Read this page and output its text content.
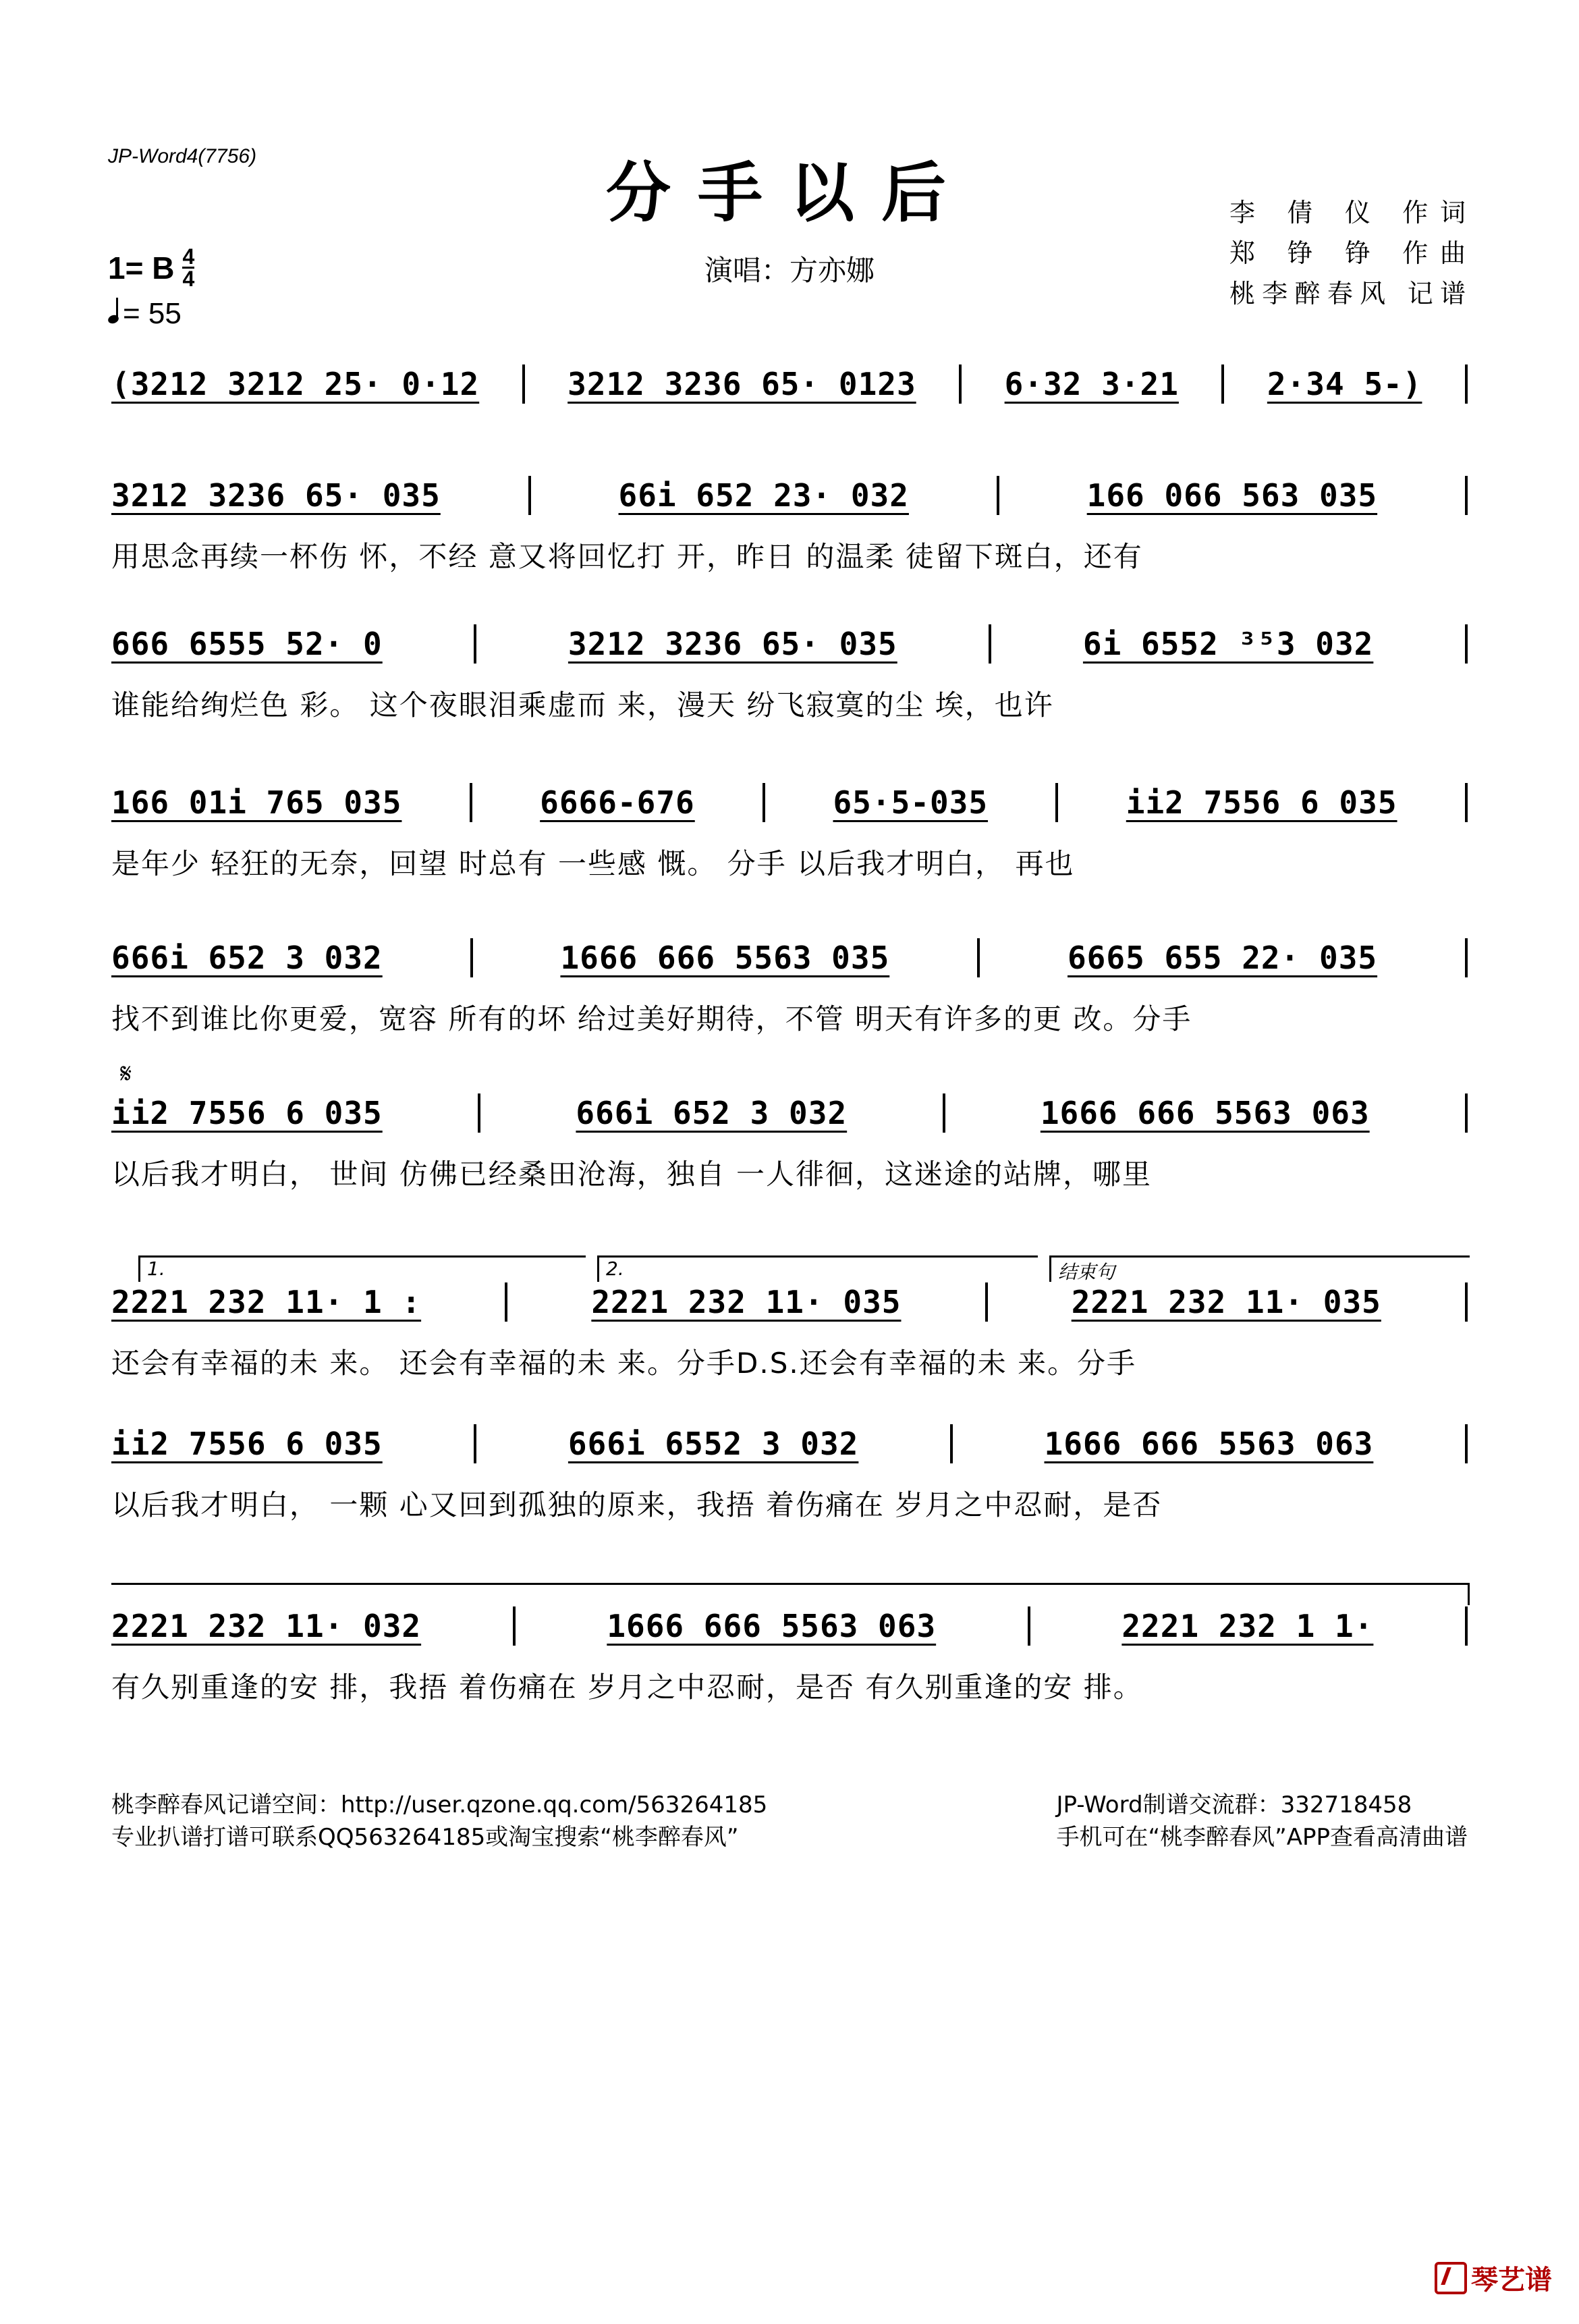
JP-Word4(7756)	分手以后
演唱：方亦娜
李 倩 仪 作词
郑 铮 铮 作曲
桃李醉春风 记谱
1= B 4
4
= 55
𝄋
1.	2.	结束句
(3212 3212 25· 0·12	3212 3236 65· 0123	6·32 3·21	2·34 5-)
3212 3236 65· 035	66i 652 23· 032	166 066 563 035
用思念再续一杯伤 怀，不经 意又将回忆打 开，昨日 的温柔 徒留下斑白，还有
666 6555 52· 0	3212 3236 65· 035	6i 6552 ³⁵3 032
谁能给绚烂色 彩。 这个夜眼泪乘虚而 来，漫天 纷飞寂寞的尘 埃，也许
166 01i 765 035	6666-676	65·5-035	ii2 7556 6 035
是年少 轻狂的无奈，回望 时总有 一些感 慨。 分手 以后我才明白， 再也
666i 652 3 032	1666 666 5563 035	6665 655 22· 035
找不到谁比你更爱，宽容 所有的坏 给过美好期待，不管 明天有许多的更 改。分手
ii2 7556 6 035	666i 652 3 032	1666 666 5563 063
以后我才明白， 世间 仿佛已经桑田沧海，独自 一人徘徊，这迷途的站牌，哪里
2221 232 11· 1 :	2221 232 11· 035	2221 232 11· 035
还会有幸福的未 来。 还会有幸福的未 来。分手D.S.还会有幸福的未 来。分手
ii2 7556 6 035	666i 6552 3 032	1666 666 5563 063
以后我才明白， 一颗 心又回到孤独的原来，我捂 着伤痛在 岁月之中忍耐，是否
2221 232 11· 032	1666 666 5563 063	2221 232 1 1·
有久别重逢的安 排，我捂 着伤痛在 岁月之中忍耐，是否 有久别重逢的安 排。
桃李醉春风记谱空间：http://user.qzone.qq.com/563264185
专业扒谱打谱可联系QQ563264185或淘宝搜索“桃李醉春风”
JP-Word制谱交流群：332718458
手机可在“桃李醉春风”APP查看高清曲谱
琴艺谱
